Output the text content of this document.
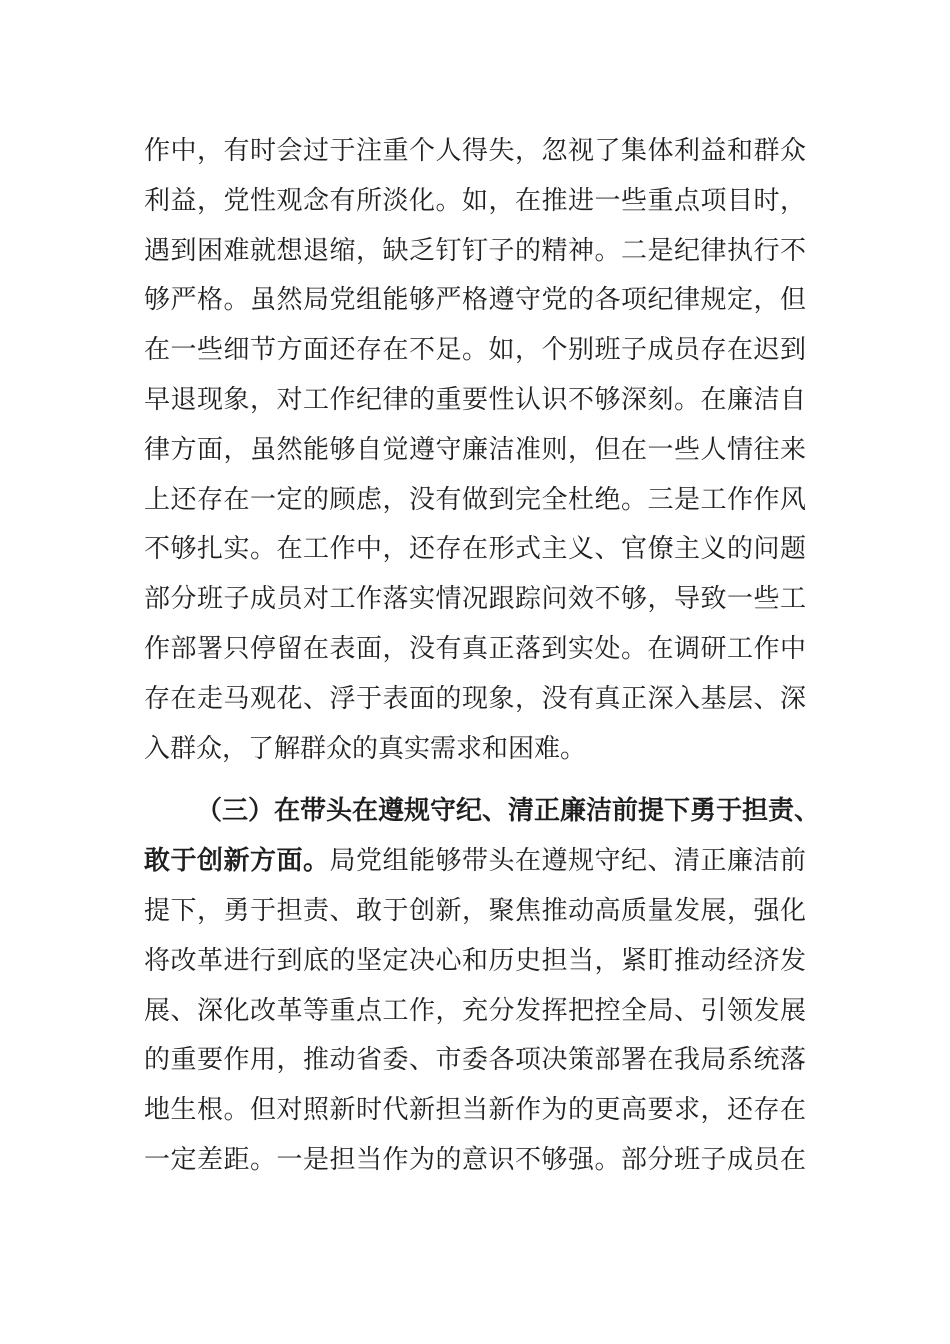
作中，有时会过于注重个人得失，忽视了集体利益和群众
利益，党性观念有所淡化。如，在推进一些重点项目时，
遇到困难就想退缩，缺乏钉钉子的精神。二是纪律执行不
够严格。虽然局党组能够严格遵守党的各项纪律规定，但
在一些细节方面还存在不足。如，个别班子成员存在迟到
早退现象，对工作纪律的重要性认识不够深刻。在廉洁自
律方面，虽然能够自觉遵守廉洁准则，但在一些人情往来
上还存在一定的顾虑，没有做到完全杜绝。三是工作作风
不够扎实。在工作中，还存在形式主义、官僚主义的问题
部分班子成员对工作落实情况跟踪问效不够，导致一些工
作部署只停留在表面，没有真正落到实处。在调研工作中
存在走马观花、浮于表面的现象，没有真正深入基层、深
入群众，了解群众的真实需求和困难。
（三）在带头在遵规守纪、清正廉洁前提下勇于担责、
敢于创新方面。局党组能够带头在遵规守纪、清正廉洁前
提下，勇于担责、敢于创新，聚焦推动高质量发展，强化
将改革进行到底的坚定决心和历史担当，紧盯推动经济发
展、深化改革等重点工作，充分发挥把控全局、引领发展
的重要作用，推动省委、市委各项决策部署在我局系统落
地生根。但对照新时代新担当新作为的更高要求，还存在
一定差距。一是担当作为的意识不够强。部分班子成员在
